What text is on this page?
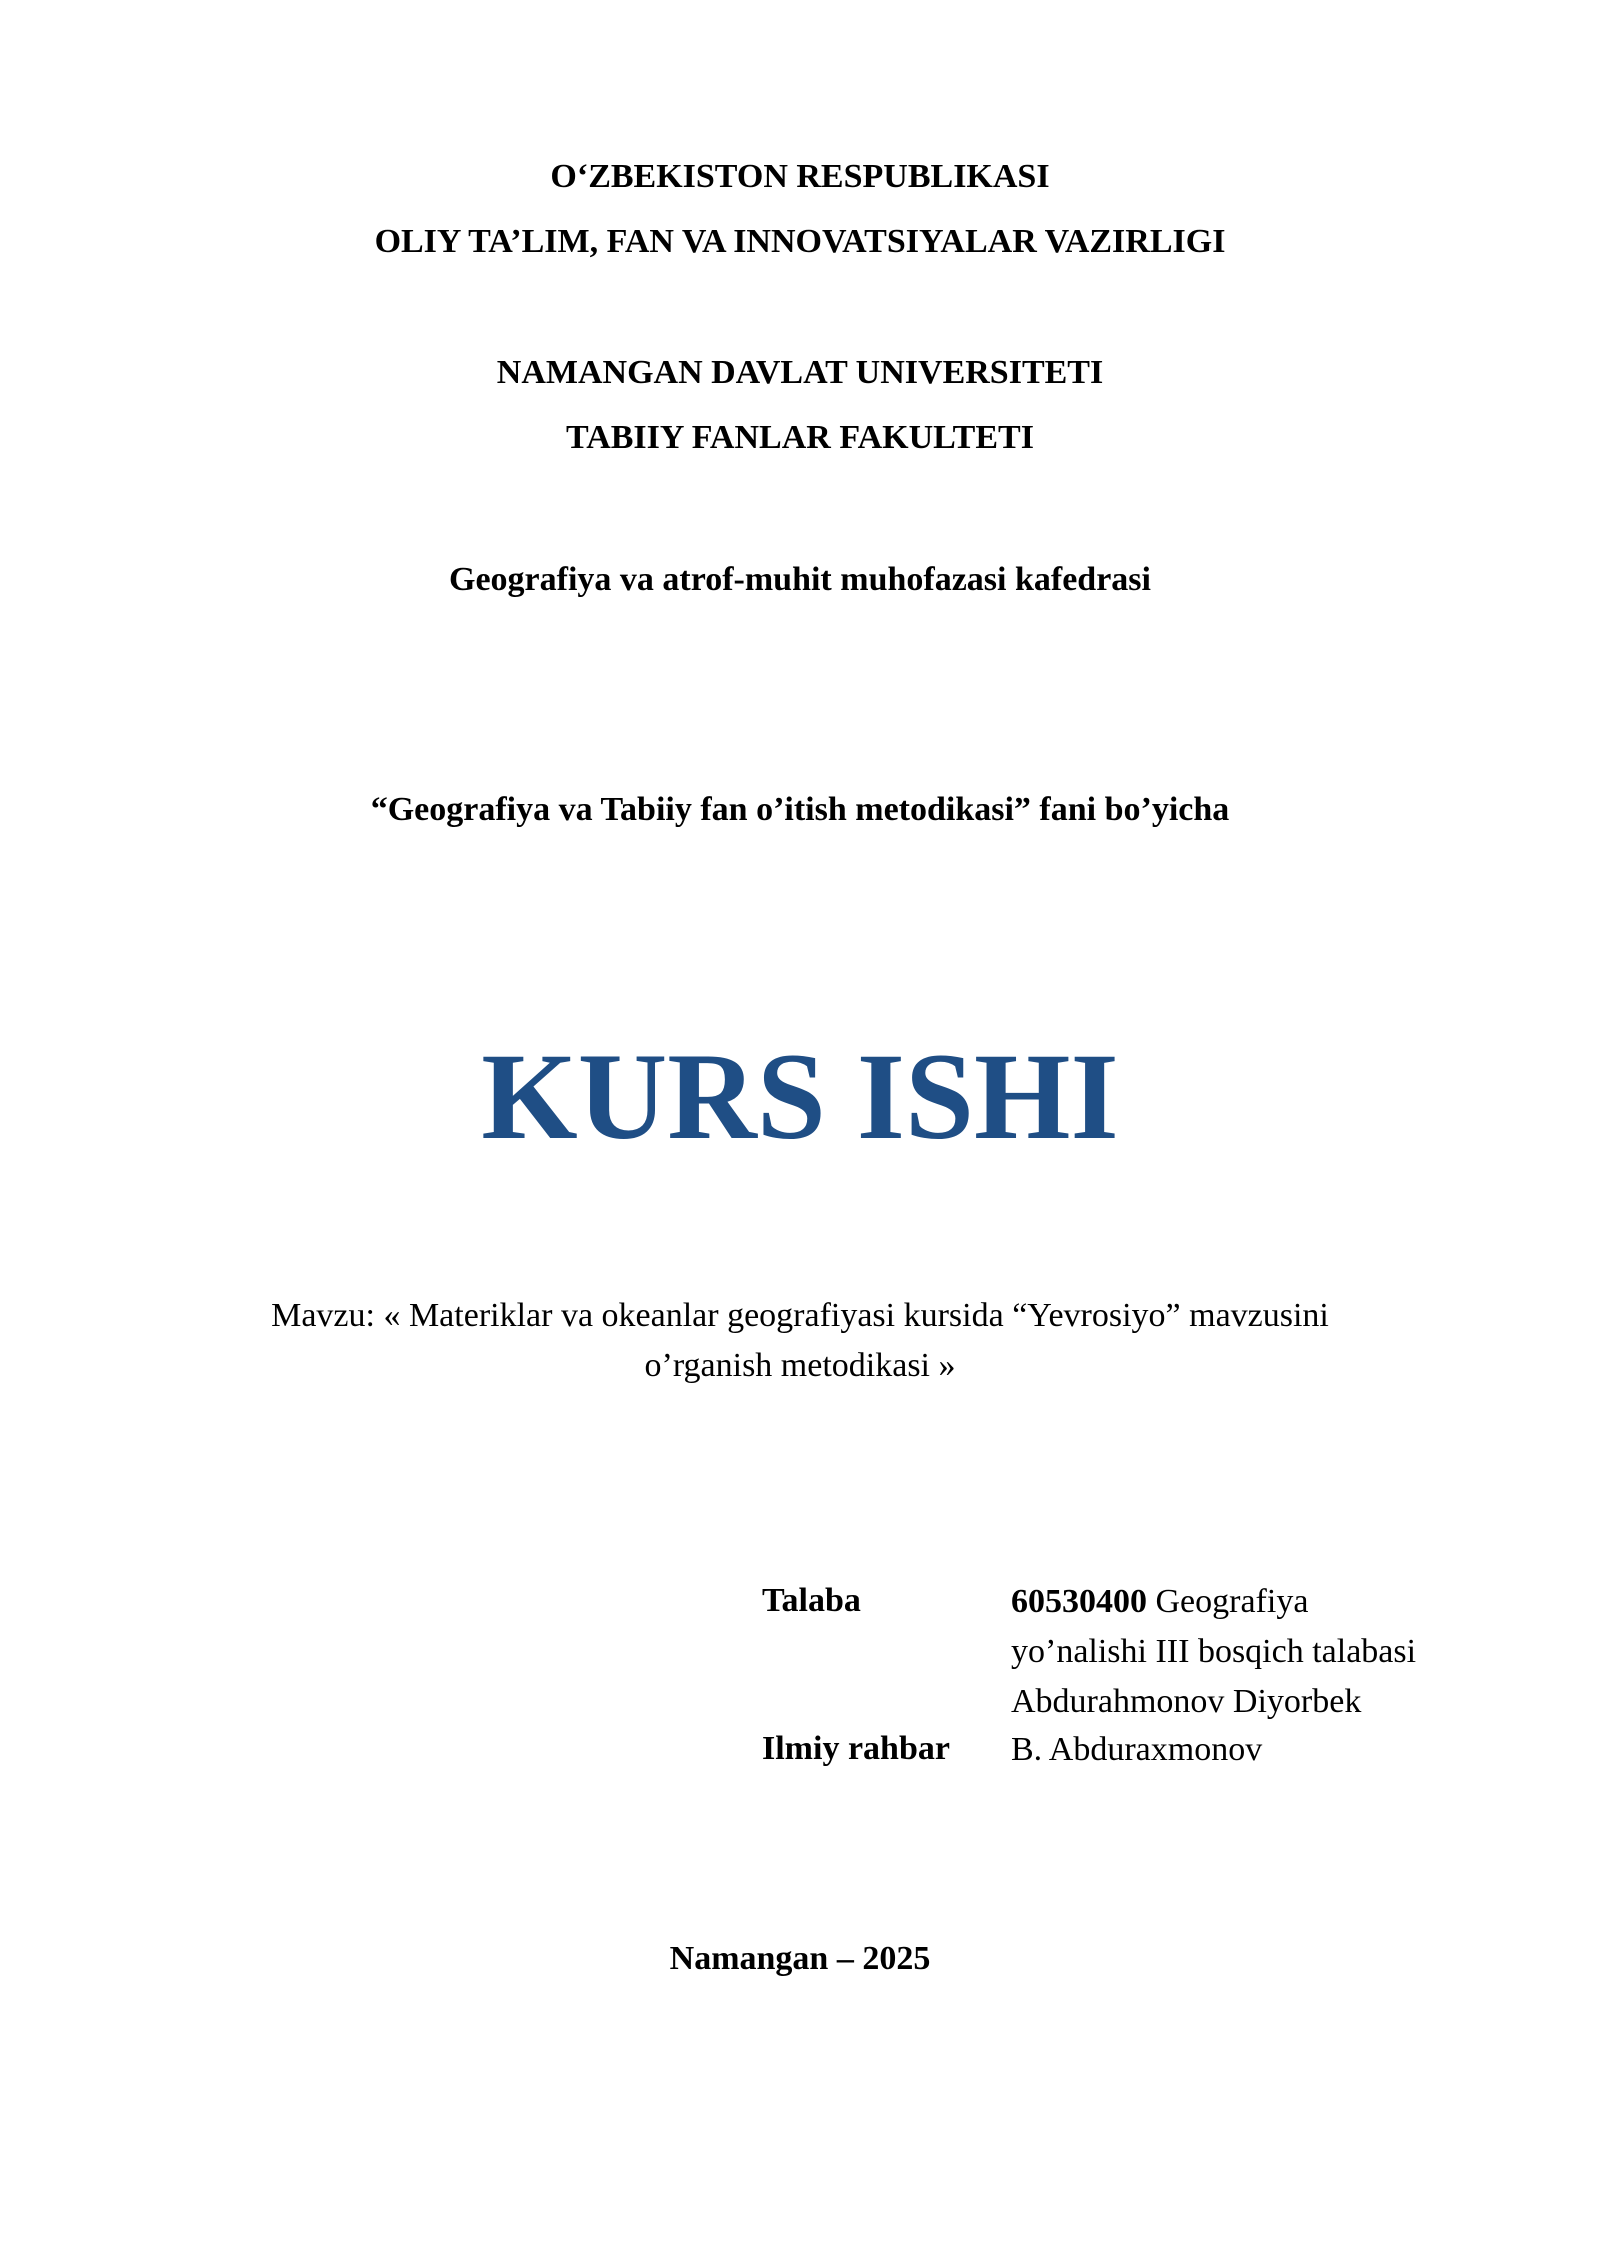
O‘ZBEKISTON RESPUBLIKASI
OLIY TA’LIM, FAN VA INNOVATSIYALAR VAZIRLIGI
NAMANGAN DAVLAT UNIVERSITETI
TABIIY FANLAR FAKULTETI
Geografiya va atrof-muhit muhofazasi kafedrasi
“Geografiya va Tabiiy fan o’itish metodikasi” fani bo’yicha
KURS ISHI

Mavzu: « Materiklar va okeanlar geografiyasi kursida “Yevrosiyo” mavzusini
o’rganish metodikasi »

Talaba	60530400 Geografiya
yo’nalishi III bosqich talabasi
Abdurahmonov Diyorbek
Ilmiy rahbar B. Abduraxmonov
Namangan – 2025
